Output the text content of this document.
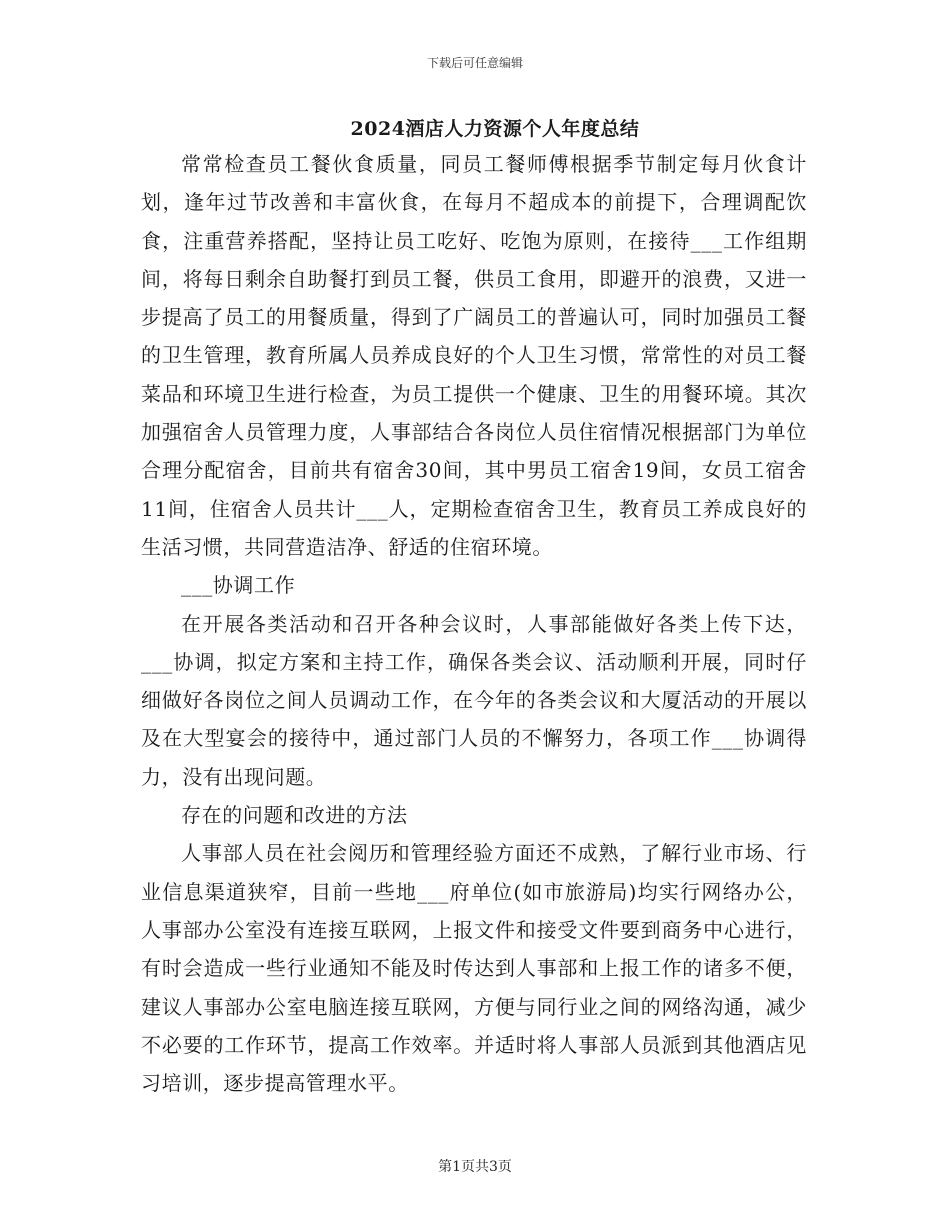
下载后可任意编辑
2024酒店人力资源个人年度总结

常常检查员工餐伙食质量，同员工餐师傅根据季节制定每月伙食计划，逢年过节改善和丰富伙食，在每月不超成本的前提下，合理调配饮食，注重营养搭配，坚持让员工吃好、吃饱为原则，在接待___工作组期间，将每日剩余自助餐打到员工餐，供员工食用，即避开的浪费，又进一步提高了员工的用餐质量，得到了广阔员工的普遍认可，同时加强员工餐的卫生管理，教育所属人员养成良好的个人卫生习惯，常常性的对员工餐菜品和环境卫生进行检查，为员工提供一个健康、卫生的用餐环境。其次加强宿舍人员管理力度，人事部结合各岗位人员住宿情况根据部门为单位合理分配宿舍，目前共有宿舍30间，其中男员工宿舍19间，女员工宿舍11间，住宿舍人员共计___人，定期检查宿舍卫生，教育员工养成良好的生活习惯，共同营造洁净、舒适的住宿环境。

___协调工作

在开展各类活动和召开各种会议时，人事部能做好各类上传下达，___协调，拟定方案和主持工作，确保各类会议、活动顺利开展，同时仔细做好各岗位之间人员调动工作，在今年的各类会议和大厦活动的开展以及在大型宴会的接待中，通过部门人员的不懈努力，各项工作___协调得力，没有出现问题。

存在的问题和改进的方法

人事部人员在社会阅历和管理经验方面还不成熟，了解行业市场、行业信息渠道狭窄，目前一些地___府单位(如市旅游局)均实行网络办公，人事部办公室没有连接互联网，上报文件和接受文件要到商务中心进行，有时会造成一些行业通知不能及时传达到人事部和上报工作的诸多不便，建议人事部办公室电脑连接互联网，方便与同行业之间的网络沟通，减少不必要的工作环节，提高工作效率。并适时将人事部人员派到其他酒店见习培训，逐步提高管理水平。

第1页共3页
